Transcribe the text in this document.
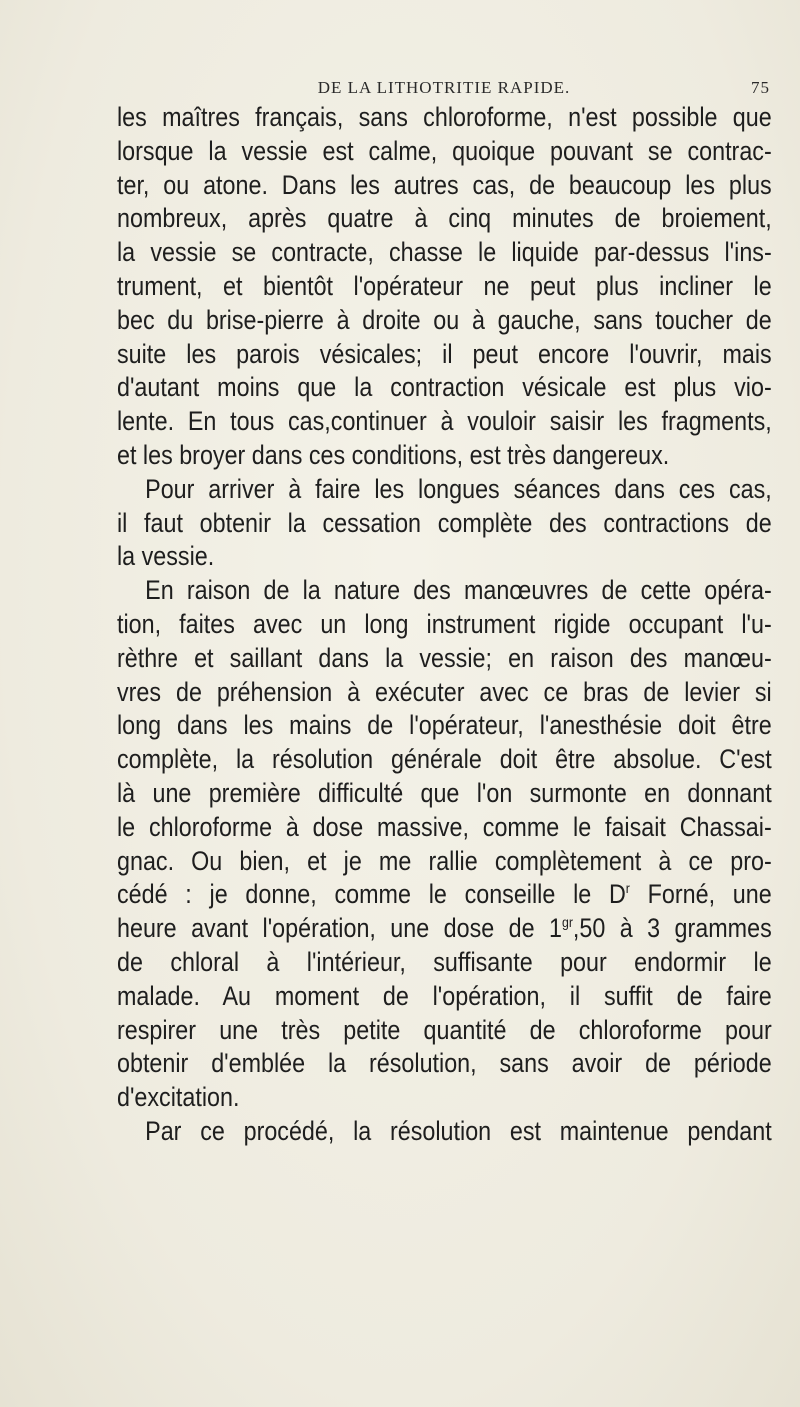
DE LA LITHOTRITIE RAPIDE.	75
les maîtres français, sans chloroforme, n'est possible que
lorsque la vessie est calme, quoique pouvant se contrac-
ter, ou atone. Dans les autres cas, de beaucoup les plus
nombreux, après quatre à cinq minutes de broiement,
la vessie se contracte, chasse le liquide par-dessus l'ins-
trument, et bientôt l'opérateur ne peut plus incliner le
bec du brise-pierre à droite ou à gauche, sans toucher de
suite les parois vésicales; il peut encore l'ouvrir, mais
d'autant moins que la contraction vésicale est plus vio-
lente. En tous cas,continuer à vouloir saisir les fragments,
et les broyer dans ces conditions, est très dangereux.
Pour arriver à faire les longues séances dans ces cas,
il faut obtenir la cessation complète des contractions de
la vessie.
En raison de la nature des manœuvres de cette opéra-
tion, faites avec un long instrument rigide occupant l'u-
rèthre et saillant dans la vessie; en raison des manœu-
vres de préhension à exécuter avec ce bras de levier si
long dans les mains de l'opérateur, l'anesthésie doit être
complète, la résolution générale doit être absolue. C'est
là une première difficulté que l'on surmonte en donnant
le chloroforme à dose massive, comme le faisait Chassai-
gnac. Ou bien, et je me rallie complètement à ce pro-
cédé : je donne, comme le conseille le $D^r$ Forné, une
heure avant l'opération, une dose de $1^{gr},50$ à 3 grammes
de chloral à l'intérieur, suffisante pour endormir le
malade. Au moment de l'opération, il suffit de faire
respirer une très petite quantité de chloroforme pour
obtenir d'emblée la résolution, sans avoir de période
d'excitation.
Par ce procédé, la résolution est maintenue pendant
